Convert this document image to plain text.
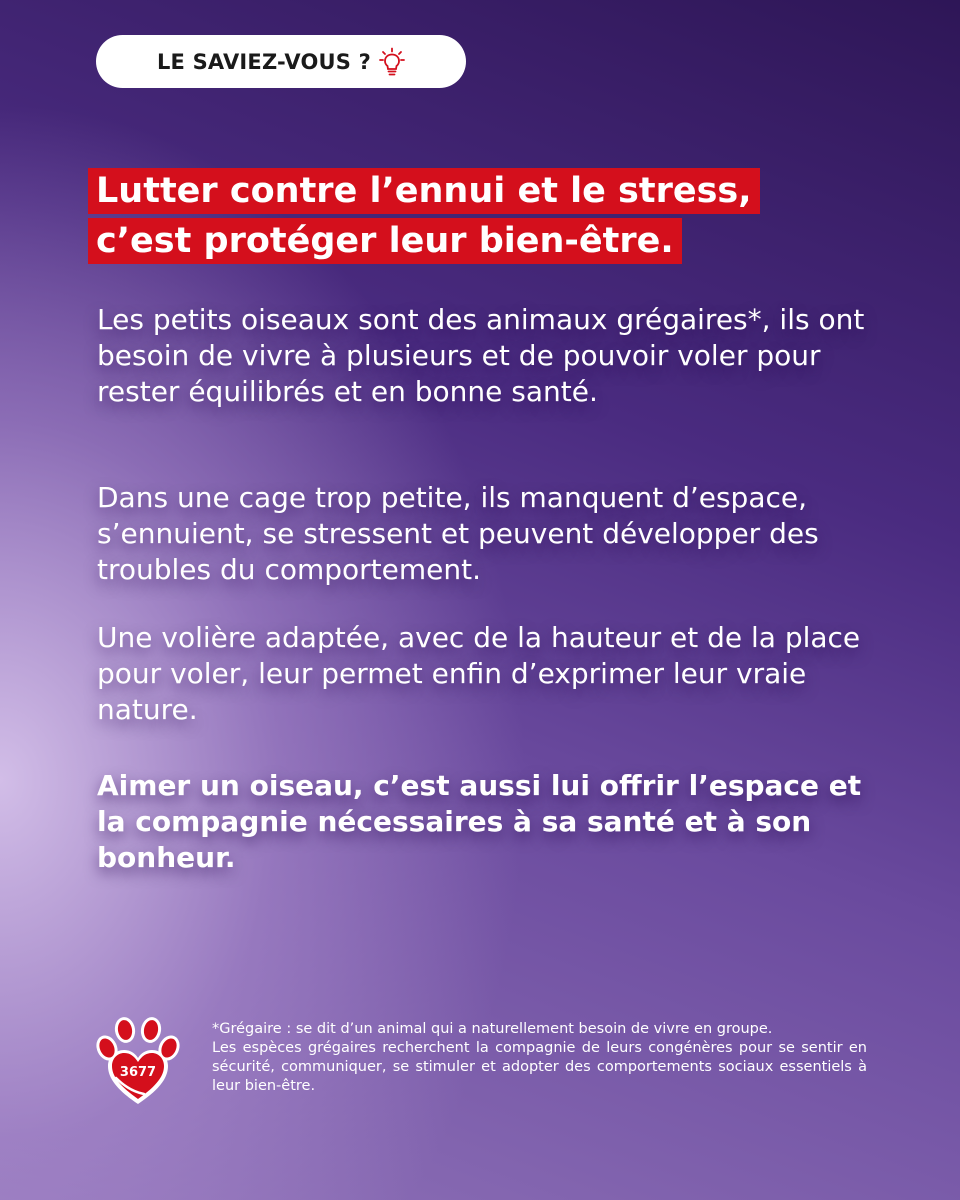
LE SAVIEZ-VOUS ?
Lutter contre l’ennui et le stress,
c’est protéger leur bien-être.

Les petits oiseaux sont des animaux grégaires*, ils ont besoin de vivre à plusieurs et de pouvoir voler pour rester équilibrés et en bonne santé.

Dans une cage trop petite, ils manquent d’espace, s’ennuient, se stressent et peuvent développer des troubles du comportement.

Une volière adaptée, avec de la hauteur et de la place pour voler, leur permet enfin d’exprimer leur vraie nature.

Aimer un oiseau, c’est aussi lui offrir l’espace et la compagnie nécessaires à sa santé et à son bonheur.

3677

*Grégaire : se dit d’un animal qui a naturellement besoin de vivre en groupe.
Les espèces grégaires recherchent la compagnie de leurs congénères pour se sentir en sécurité, communiquer, se stimuler et adopter des comportements sociaux essentiels à leur bien-être.
